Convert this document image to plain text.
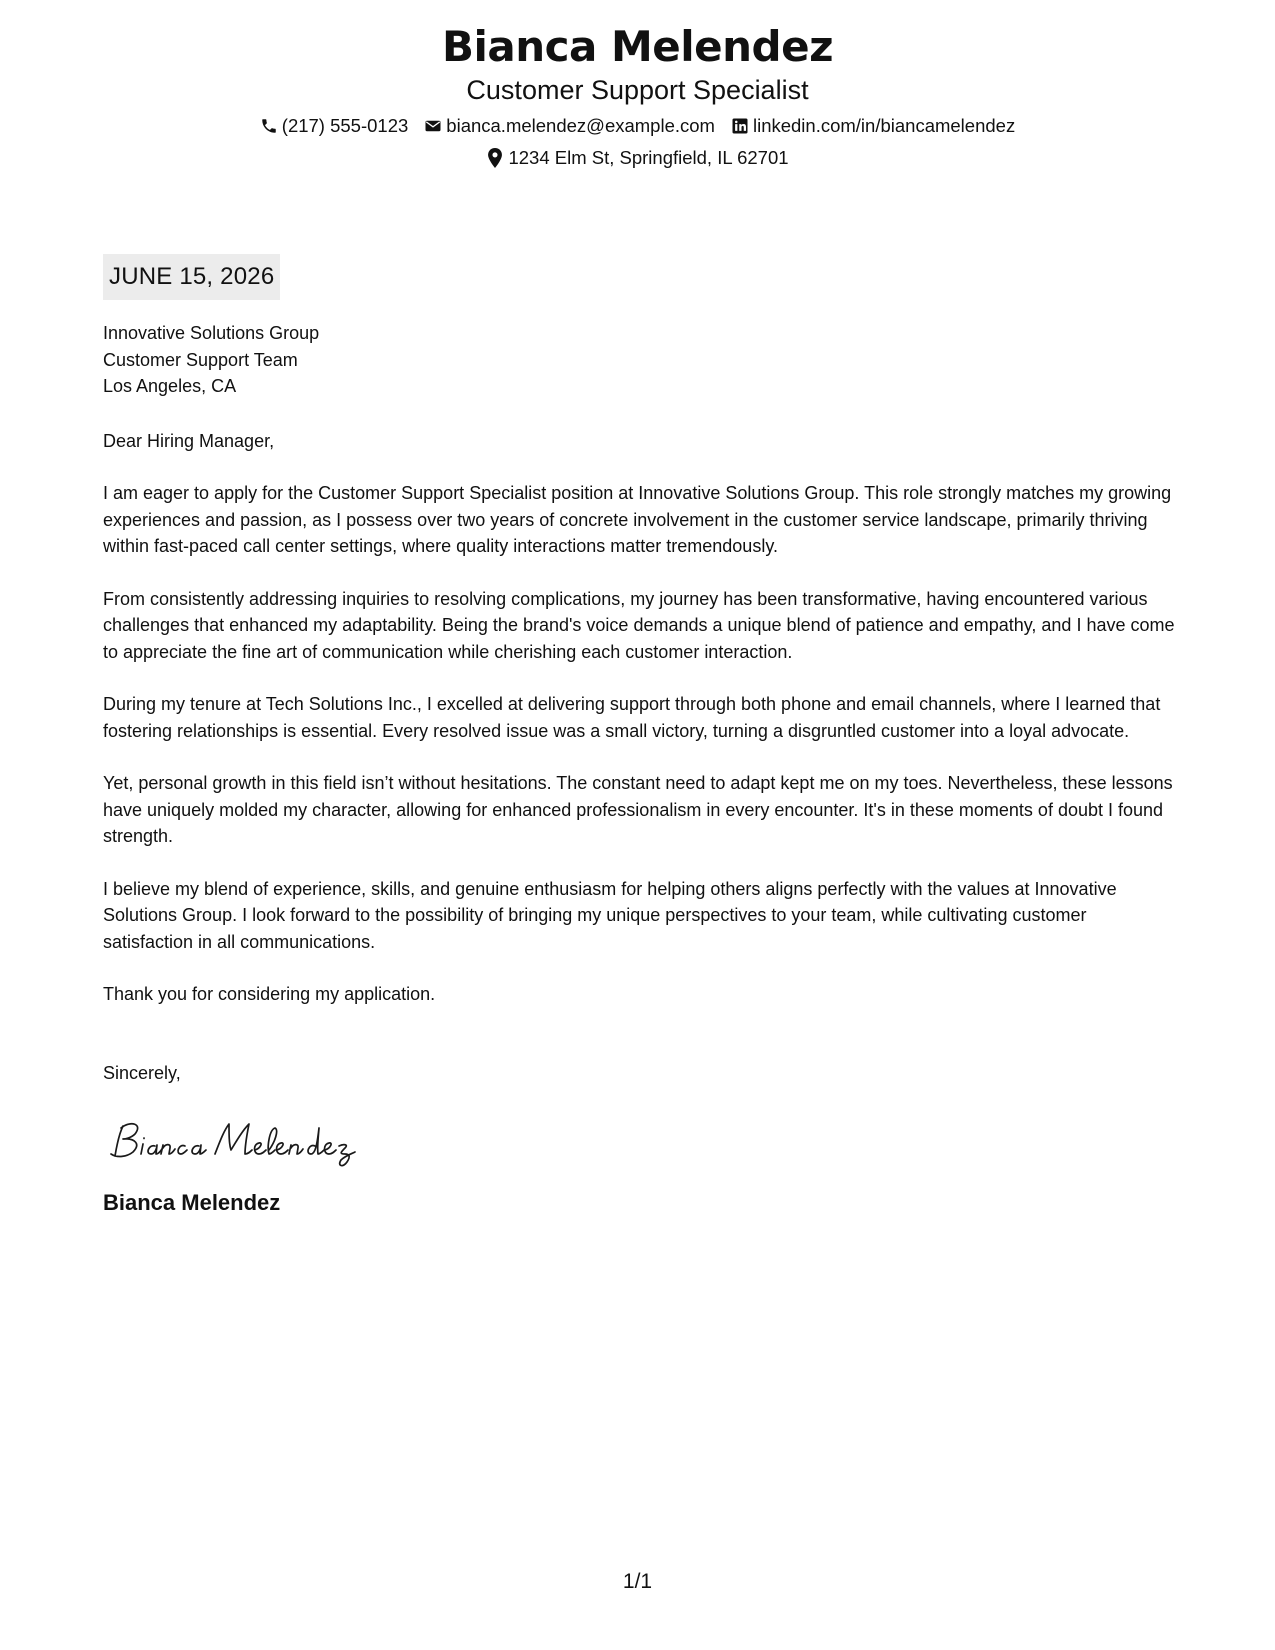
Bianca Melendez
Customer Support Specialist
(217) 555-0123 bianca.melendez@example.com linkedin.com/in/biancamelendez
1234 Elm St, Springfield, IL 62701
JUNE 15, 2026

Innovative Solutions Group

Customer Support Team

Los Angeles, CA

Dear Hiring Manager,

I am eager to apply for the Customer Support Specialist position at Innovative Solutions Group. This role strongly matches my growing experiences and passion, as I possess over two years of concrete involvement in the customer service landscape, primarily thriving within fast-paced call center settings, where quality interactions matter tremendously.

From consistently addressing inquiries to resolving complications, my journey has been transformative, having encountered various challenges that enhanced my adaptability. Being the brand's voice demands a unique blend of patience and empathy, and I have come to appreciate the fine art of communication while cherishing each customer interaction.

During my tenure at Tech Solutions Inc., I excelled at delivering support through both phone and email channels, where I learned that fostering relationships is essential. Every resolved issue was a small victory, turning a disgruntled customer into a loyal advocate.

Yet, personal growth in this field isn’t without hesitations. The constant need to adapt kept me on my toes. Nevertheless, these lessons have uniquely molded my character, allowing for enhanced professionalism in every encounter. It's in these moments of doubt I found strength.

I believe my blend of experience, skills, and genuine enthusiasm for helping others aligns perfectly with the values at Innovative Solutions Group. I look forward to the possibility of bringing my unique perspectives to your team, while cultivating customer satisfaction in all communications.

Thank you for considering my application.

Sincerely,

Bianca Melendez
1/1
